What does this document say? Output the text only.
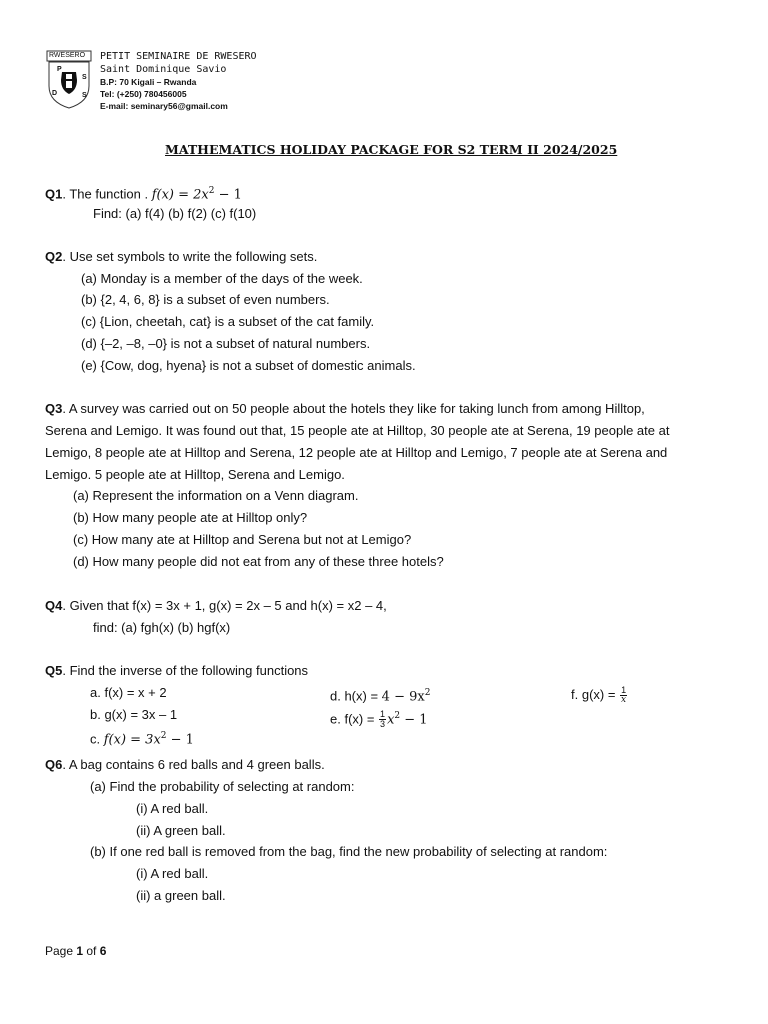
RWESERO
P
S
D	S
PETIT SEMINAIRE DE RWESERO
Saint Dominique Savio
B.P: 70 Kigali – Rwanda
Tel: (+250) 780456005
E-mail: seminary56@gmail.com
MATHEMATICS HOLIDAY PACKAGE FOR S2 TERM II 2024/2025
Q1. The function . $f(x) = 2x^2 - 1$
Find: (a) f(4) (b) f(2) (c) f(10)
Q2. Use set symbols to write the following sets.
(a) Monday is a member of the days of the week.
(b) {2, 4, 6, 8} is a subset of even numbers.
(c) {Lion, cheetah, cat} is a subset of the cat family.
(d) {–2, –8, –0} is not a subset of natural numbers.
(e) {Cow, dog, hyena} is not a subset of domestic animals.
Q3. A survey was carried out on 50 people about the hotels they like for taking lunch from among Hilltop,
Serena and Lemigo. It was found out that, 15 people ate at Hilltop, 30 people ate at Serena, 19 people ate at
Lemigo, 8 people ate at Hilltop and Serena, 12 people ate at Hilltop and Lemigo, 7 people ate at Serena and
Lemigo. 5 people ate at Hilltop, Serena and Lemigo.
(a) Represent the information on a Venn diagram.
(b) How many people ate at Hilltop only?
(c) How many ate at Hilltop and Serena but not at Lemigo?
(d) How many people did not eat from any of these three hotels?
Q4. Given that f(x) = 3x + 1, g(x) = 2x – 5 and h(x) = x2 – 4,
find: (a) fgh(x) (b) hgf(x)
Q5. Find the inverse of the following functions
a. f(x) = x + 2
b. g(x) = 3x – 1
c. $f(x) = 3x^2 - 1$
d. $h(x) = 4 - 9x^2$
e. $f(x) = \frac{1}{3} x^2 - 1$
f. $g(x) = \frac{1}{x}$
Q6. A bag contains 6 red balls and 4 green balls.
(a) Find the probability of selecting at random:
(i) A red ball.
(ii) A green ball.
(b) If one red ball is removed from the bag, find the new probability of selecting at random:
(i) A red ball.
(ii) a green ball.
Page 1 of 6
